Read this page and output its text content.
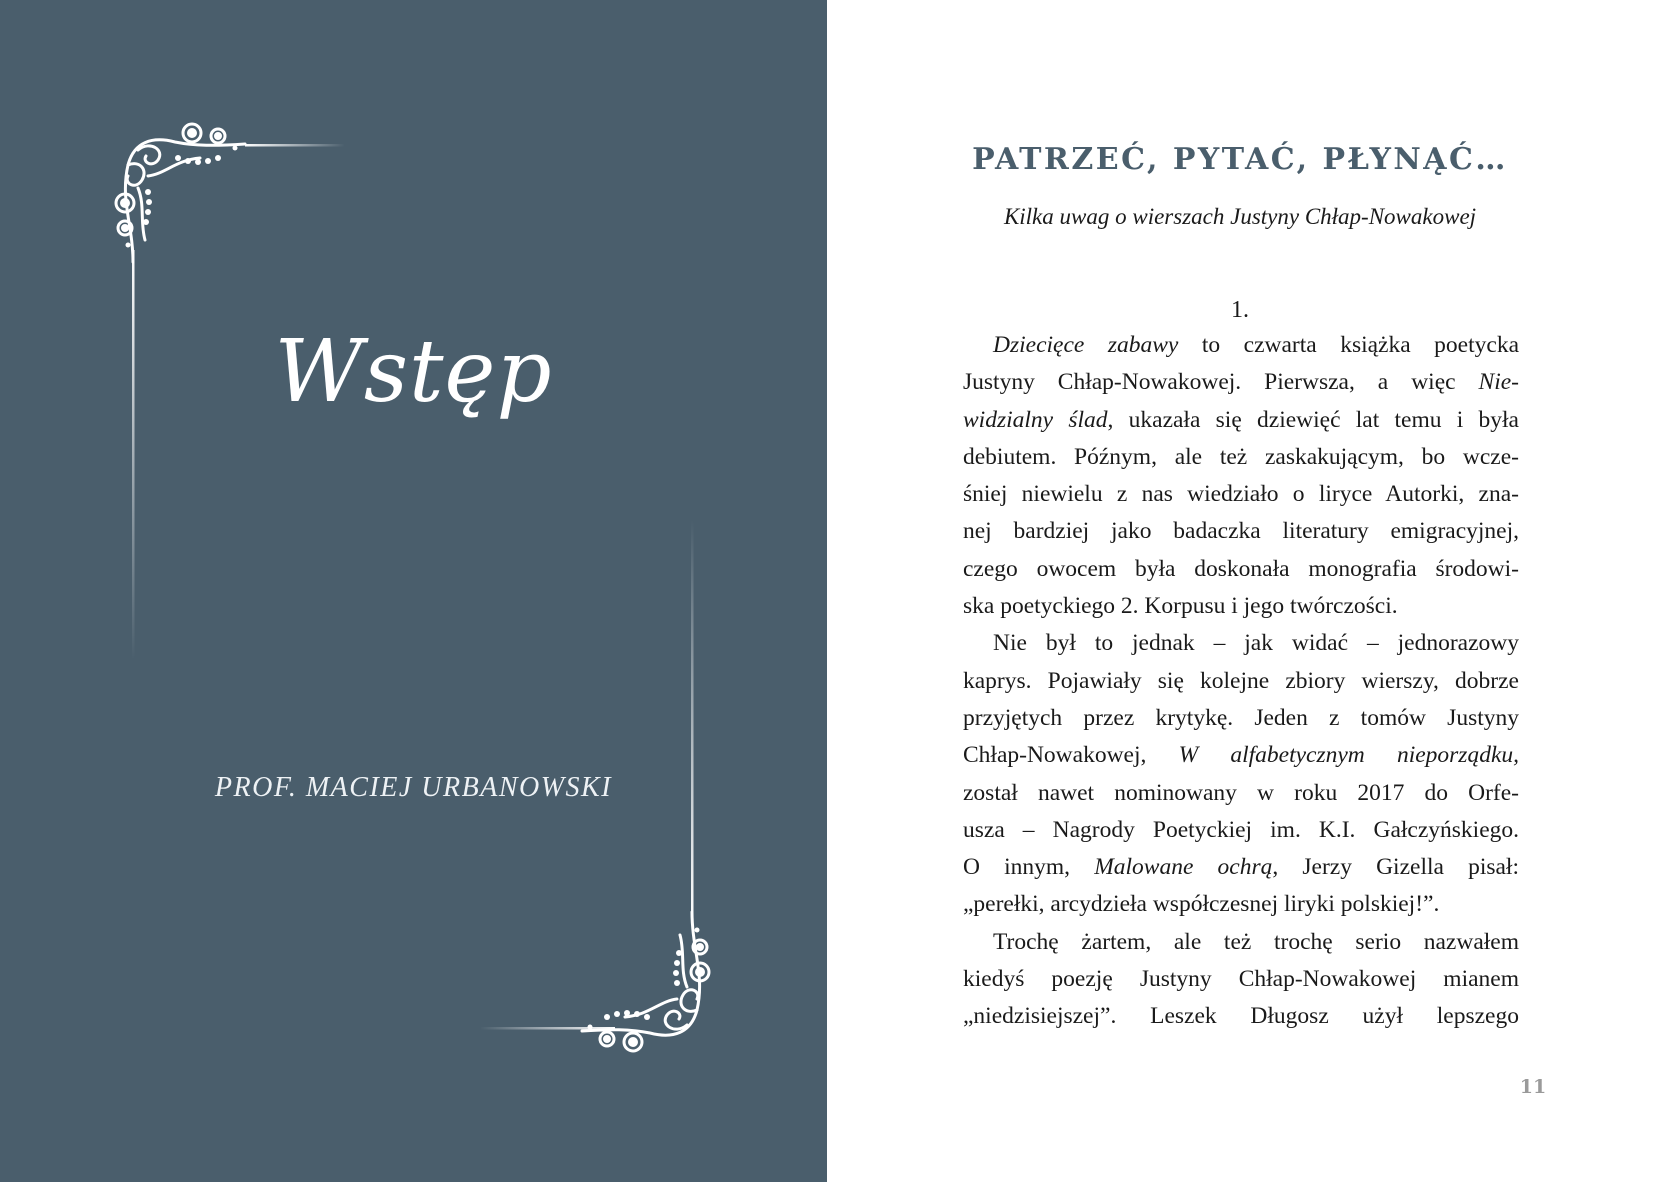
Wstęp
PROF. MACIEJ URBANOWSKI
PATRZEĆ, PYTAĆ, PŁYNĄĆ…
Kilka uwag o wierszach Justyny Chłap-Nowakowej
1.
Dziecięce zabawy to czwarta książka poetycka
Justyny Chłap-Nowakowej. Pierwsza, a więc Nie-
widzialny ślad, ukazała się dziewięć lat temu i była
debiutem. Późnym, ale też zaskakującym, bo wcze-
śniej niewielu z nas wiedziało o liryce Autorki, zna-
nej bardziej jako badaczka literatury emigracyjnej,
czego owocem była doskonała monografia środowi-
ska poetyckiego 2. Korpusu i jego twórczości.
Nie był to jednak – jak widać – jednorazowy
kaprys. Pojawiały się kolejne zbiory wierszy, dobrze
przyjętych przez krytykę. Jeden z tomów Justyny
Chłap-Nowakowej, W alfabetycznym nieporządku,
został nawet nominowany w roku 2017 do Orfe-
usza – Nagrody Poetyckiej im. K.I. Gałczyńskiego.
O innym, Malowane ochrą, Jerzy Gizella pisał:
„perełki, arcydzieła współczesnej liryki polskiej!”.
Trochę żartem, ale też trochę serio nazwałem
kiedyś poezję Justyny Chłap-Nowakowej mianem
„niedzisiejszej”. Leszek Długosz użył lepszego
11
